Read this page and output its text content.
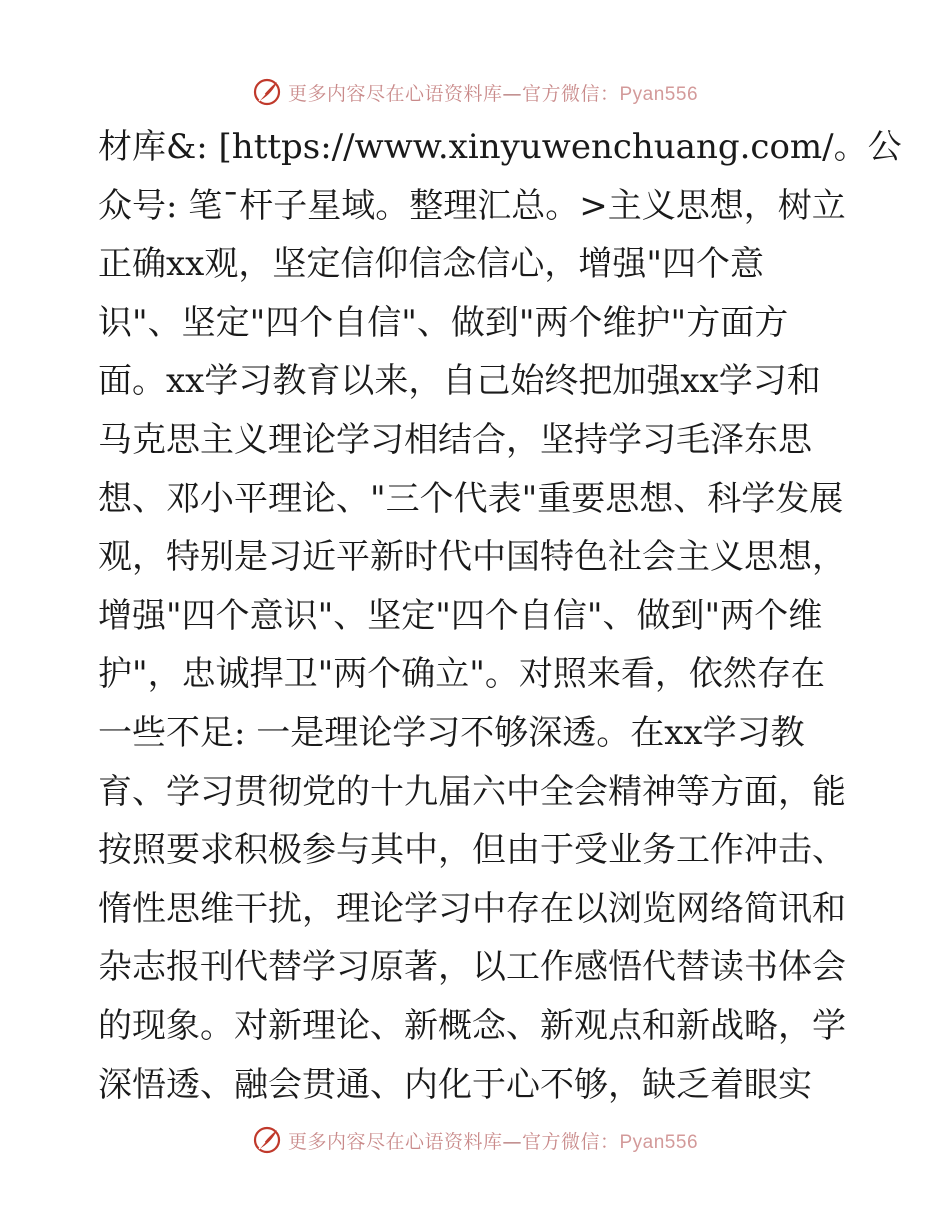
更多内容尽在心语资料库—官方微信：Pyan556
材库&: [https://www.xinyuwenchuang.com/。公
众号: 笔¯杆子星域。整理汇总。>主义思想，树立
正确xx观，坚定信仰信念信心，增强"四个意
识"、坚定"四个自信"、做到"两个维护"方面方
面。xx学习教育以来，自己始终把加强xx学习和
马克思主义理论学习相结合，坚持学习毛泽东思
想、邓小平理论、"三个代表"重要思想、科学发展
观，特别是习近平新时代中国特色社会主义思想，
增强"四个意识"、坚定"四个自信"、做到"两个维
护"，忠诚捍卫"两个确立"。对照来看，依然存在
一些不足: 一是理论学习不够深透。在xx学习教
育、学习贯彻党的十九届六中全会精神等方面，能
按照要求积极参与其中，但由于受业务工作冲击、
惰性思维干扰，理论学习中存在以浏览网络简讯和
杂志报刊代替学习原著，以工作感悟代替读书体会
的现象。对新理论、新概念、新观点和新战略，学
深悟透、融会贯通、内化于心不够，缺乏着眼实
更多内容尽在心语资料库—官方微信：Pyan556
